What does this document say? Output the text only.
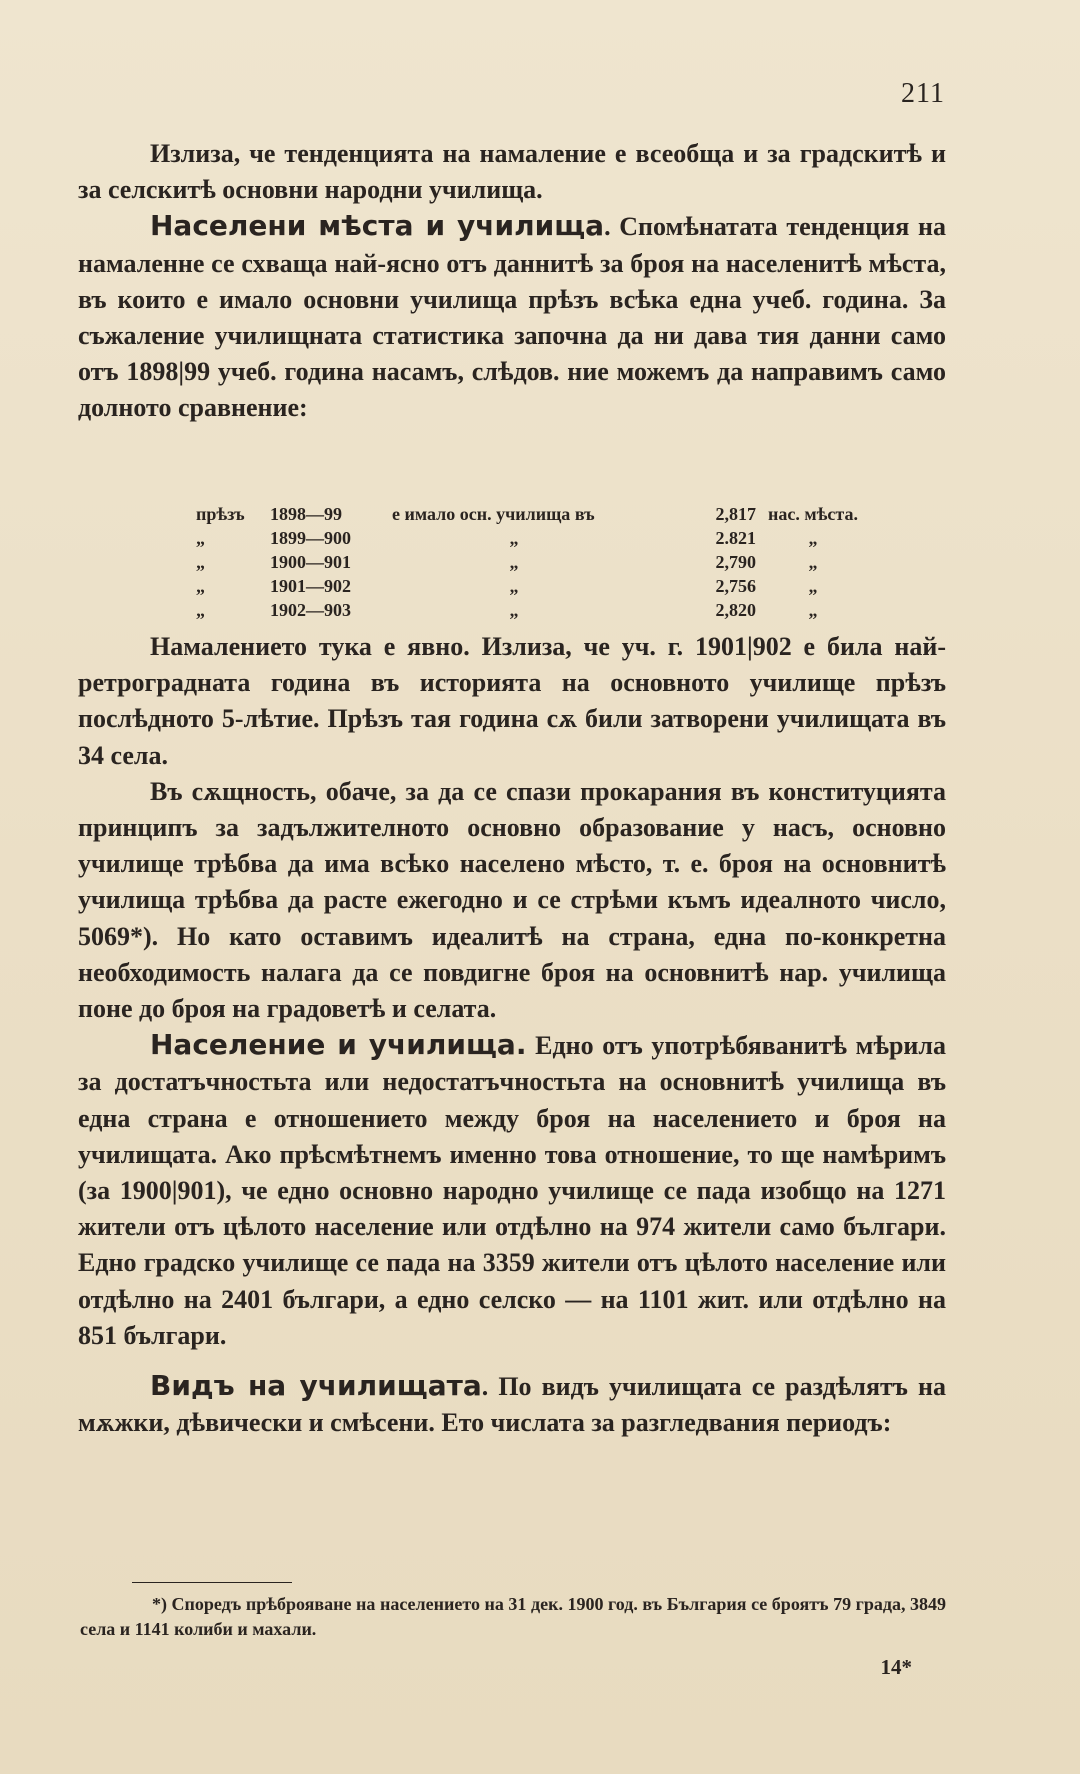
211

Излиза, че тенденцията на намаление е всеобща и за градскитѣ и за селскитѣ основни народни училища.

Населени мѣста и училища. Спомѣнатата тенденция на намаленне се схваща най-ясно отъ даннитѣ за броя на населенитѣ мѣста, въ които е имало основни училища прѣзъ всѣка една учеб. година. За съжаление училищната статистика започна да ни дава тия данни само отъ 1898|99 учеб. година насамъ, слѣдов. ние можемъ да направимъ само долното сравнение:

прѣзъ	1898—99	е имало осн. училища въ	2,817	нас. мѣста.
„	1899—900	„	2.821	„
„	1900—901	„	2,790	„
„	1901—902	„	2,756	„
„	1902—903	„	2,820	„

Намалението тука е явно. Излиза, че уч. г. 1901|902 е била най-ретроградната година въ историята на основното училище прѣзъ послѣдното 5-лѣтие. Прѣзъ тая година сѫ били затворени училищата въ 34 села.

Въ сѫщность, обаче, за да се спази прокарания въ конституцията принципъ за задължителното основно образование у насъ, основно училище трѣбва да има всѣко населено мѣсто, т. е. броя на основнитѣ училища трѣбва да расте ежегодно и се стрѣми къмъ идеалното число, 5069*). Но като оставимъ идеалитѣ на страна, една по-конкретна необходимость налага да се повдигне броя на основнитѣ нар. училища поне до броя на градоветѣ и селата.

Население и училища. Едно отъ употрѣбяванитѣ мѣрила за достатъчностьта или недостатъчностьта на основнитѣ училища въ една страна е отношението между броя на населението и броя на училищата. Ако прѣсмѣтнемъ именно това отношение, то ще намѣримъ (за 1900|901), че едно основно народно училище се пада изобщо на 1271 жители отъ цѣлото население или отдѣлно на 974 жители само българи. Едно градско училище се пада на 3359 жители отъ цѣлото население или отдѣлно на 2401 българи, а едно селско — на 1101 жит. или отдѣлно на 851 българи.

Видъ на училищата. По видъ училищата се раздѣлятъ на мѫжки, дѣвически и смѣсени. Ето числата за разгледвания периодъ:

*) Споредъ прѣброяване на населението на 31 дек. 1900 год. въ България се броятъ 79 града, 3849 села и 1141 колиби и махали.
14*
